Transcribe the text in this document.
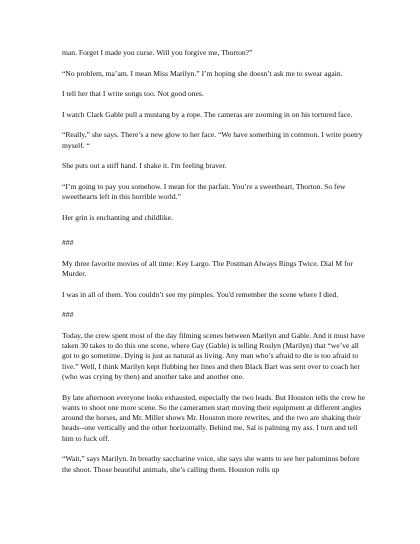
man. Forget I made you curse. Will you forgive me, Thorton?”

“No problem, ma’am. I mean Miss Marilyn.” I’m hoping she doesn’t ask me to swear again.

I tell her that I write songs too. Not good ones.

I watch Clark Gable pull a mustang by a rope. The cameras are zooming in on his tortured face.

“Really,” she says. There’s a new glow to her face. “We have something in common. I write poetry myself. “

She puts out a stiff hand. I shake it. I'm feeling braver.

“I’m going to pay you somehow. I mean for the parfait. You’re a sweetheart, Thorton. So few sweethearts left in this horrible world.”

Her grin is enchanting and childlike.

###

My three favorite movies of all time: Key Largo. The Postman Always Rings Twice. Dial M for Murder.

I was in all of them. You couldn’t see my pimples. You'd remember the scene where I died.

###

Today, the crew spent most of the day filming scenes between Marilyn and Gable. And it must have taken 30 takes to do this one scene, where Gay (Gable) is telling Roslyn (Marilyn) that “we’ve all got to go sometime. Dying is just as natural as living. Any man who’s afraid to die is too afraid to live.” Well, I think Marilyn kept flubbing her lines and then Black Bart was sent over to coach her (who was crying by then) and another take and another one.

By late afternoon everyone looks exhausted, especially the two leads. But Houston tells the crew he wants to shoot one more scene. So the cameramen start moving their equipment at different angles around the horses, and Mr. Miller shows Mr. Houston more rewrites, and the two are shaking their heads--one vertically and the other horizontally. Behind me, Sal is palming my ass. I turn and tell him to fuck off.

“Wait,” says Marilyn. In breathy saccharine voice, she says she wants to see her palominos before the shoot. Those beautiful animals, she’s calling them. Houston rolls up
